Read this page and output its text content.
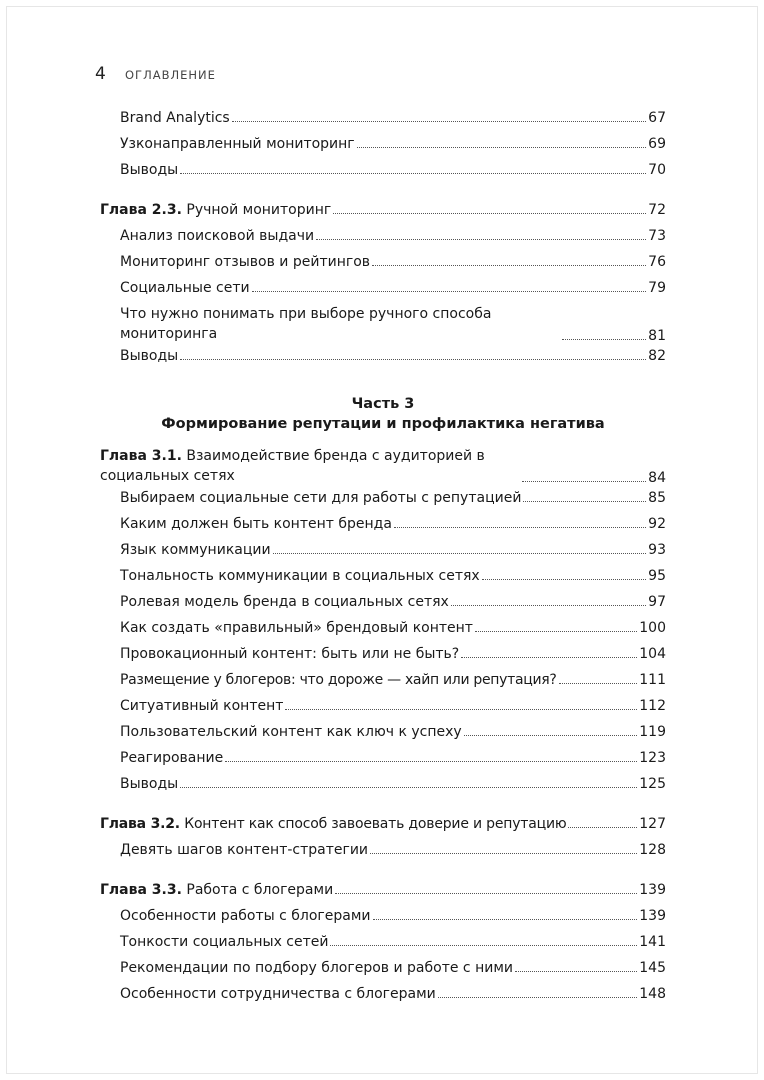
4	ОГЛАВЛЕНИЕ
Brand Analytics	67
Узконаправленный мониторинг	69
Выводы	70
Глава 2.3. Ручной мониторинг	72
Анализ поисковой выдачи	73
Мониторинг отзывов и рейтингов	76
Социальные сети	79
Что нужно понимать при выборе ручного способа мониторинга	81
Выводы	82
Часть 3
Формирование репутации и профилактика негатива
Глава 3.1. Взаимодействие бренда с аудиторией в социальных сетях	84
Выбираем социальные сети для работы с репутацией	85
Каким должен быть контент бренда	92
Язык коммуникации	93
Тональность коммуникации в социальных сетях	95
Ролевая модель бренда в социальных сетях	97
Как создать «правильный» брендовый контент	100
Провокационный контент: быть или не быть?	104
Размещение у блогеров: что дороже — хайп или репутация?	111
Ситуативный контент	112
Пользовательский контент как ключ к успеху	119
Реагирование	123
Выводы	125
Глава 3.2. Контент как способ завоевать доверие и репутацию	127
Девять шагов контент-стратегии	128
Глава 3.3. Работа с блогерами	139
Особенности работы с блогерами	139
Тонкости социальных сетей	141
Рекомендации по подбору блогеров и работе с ними	145
Особенности сотрудничества с блогерами	148
